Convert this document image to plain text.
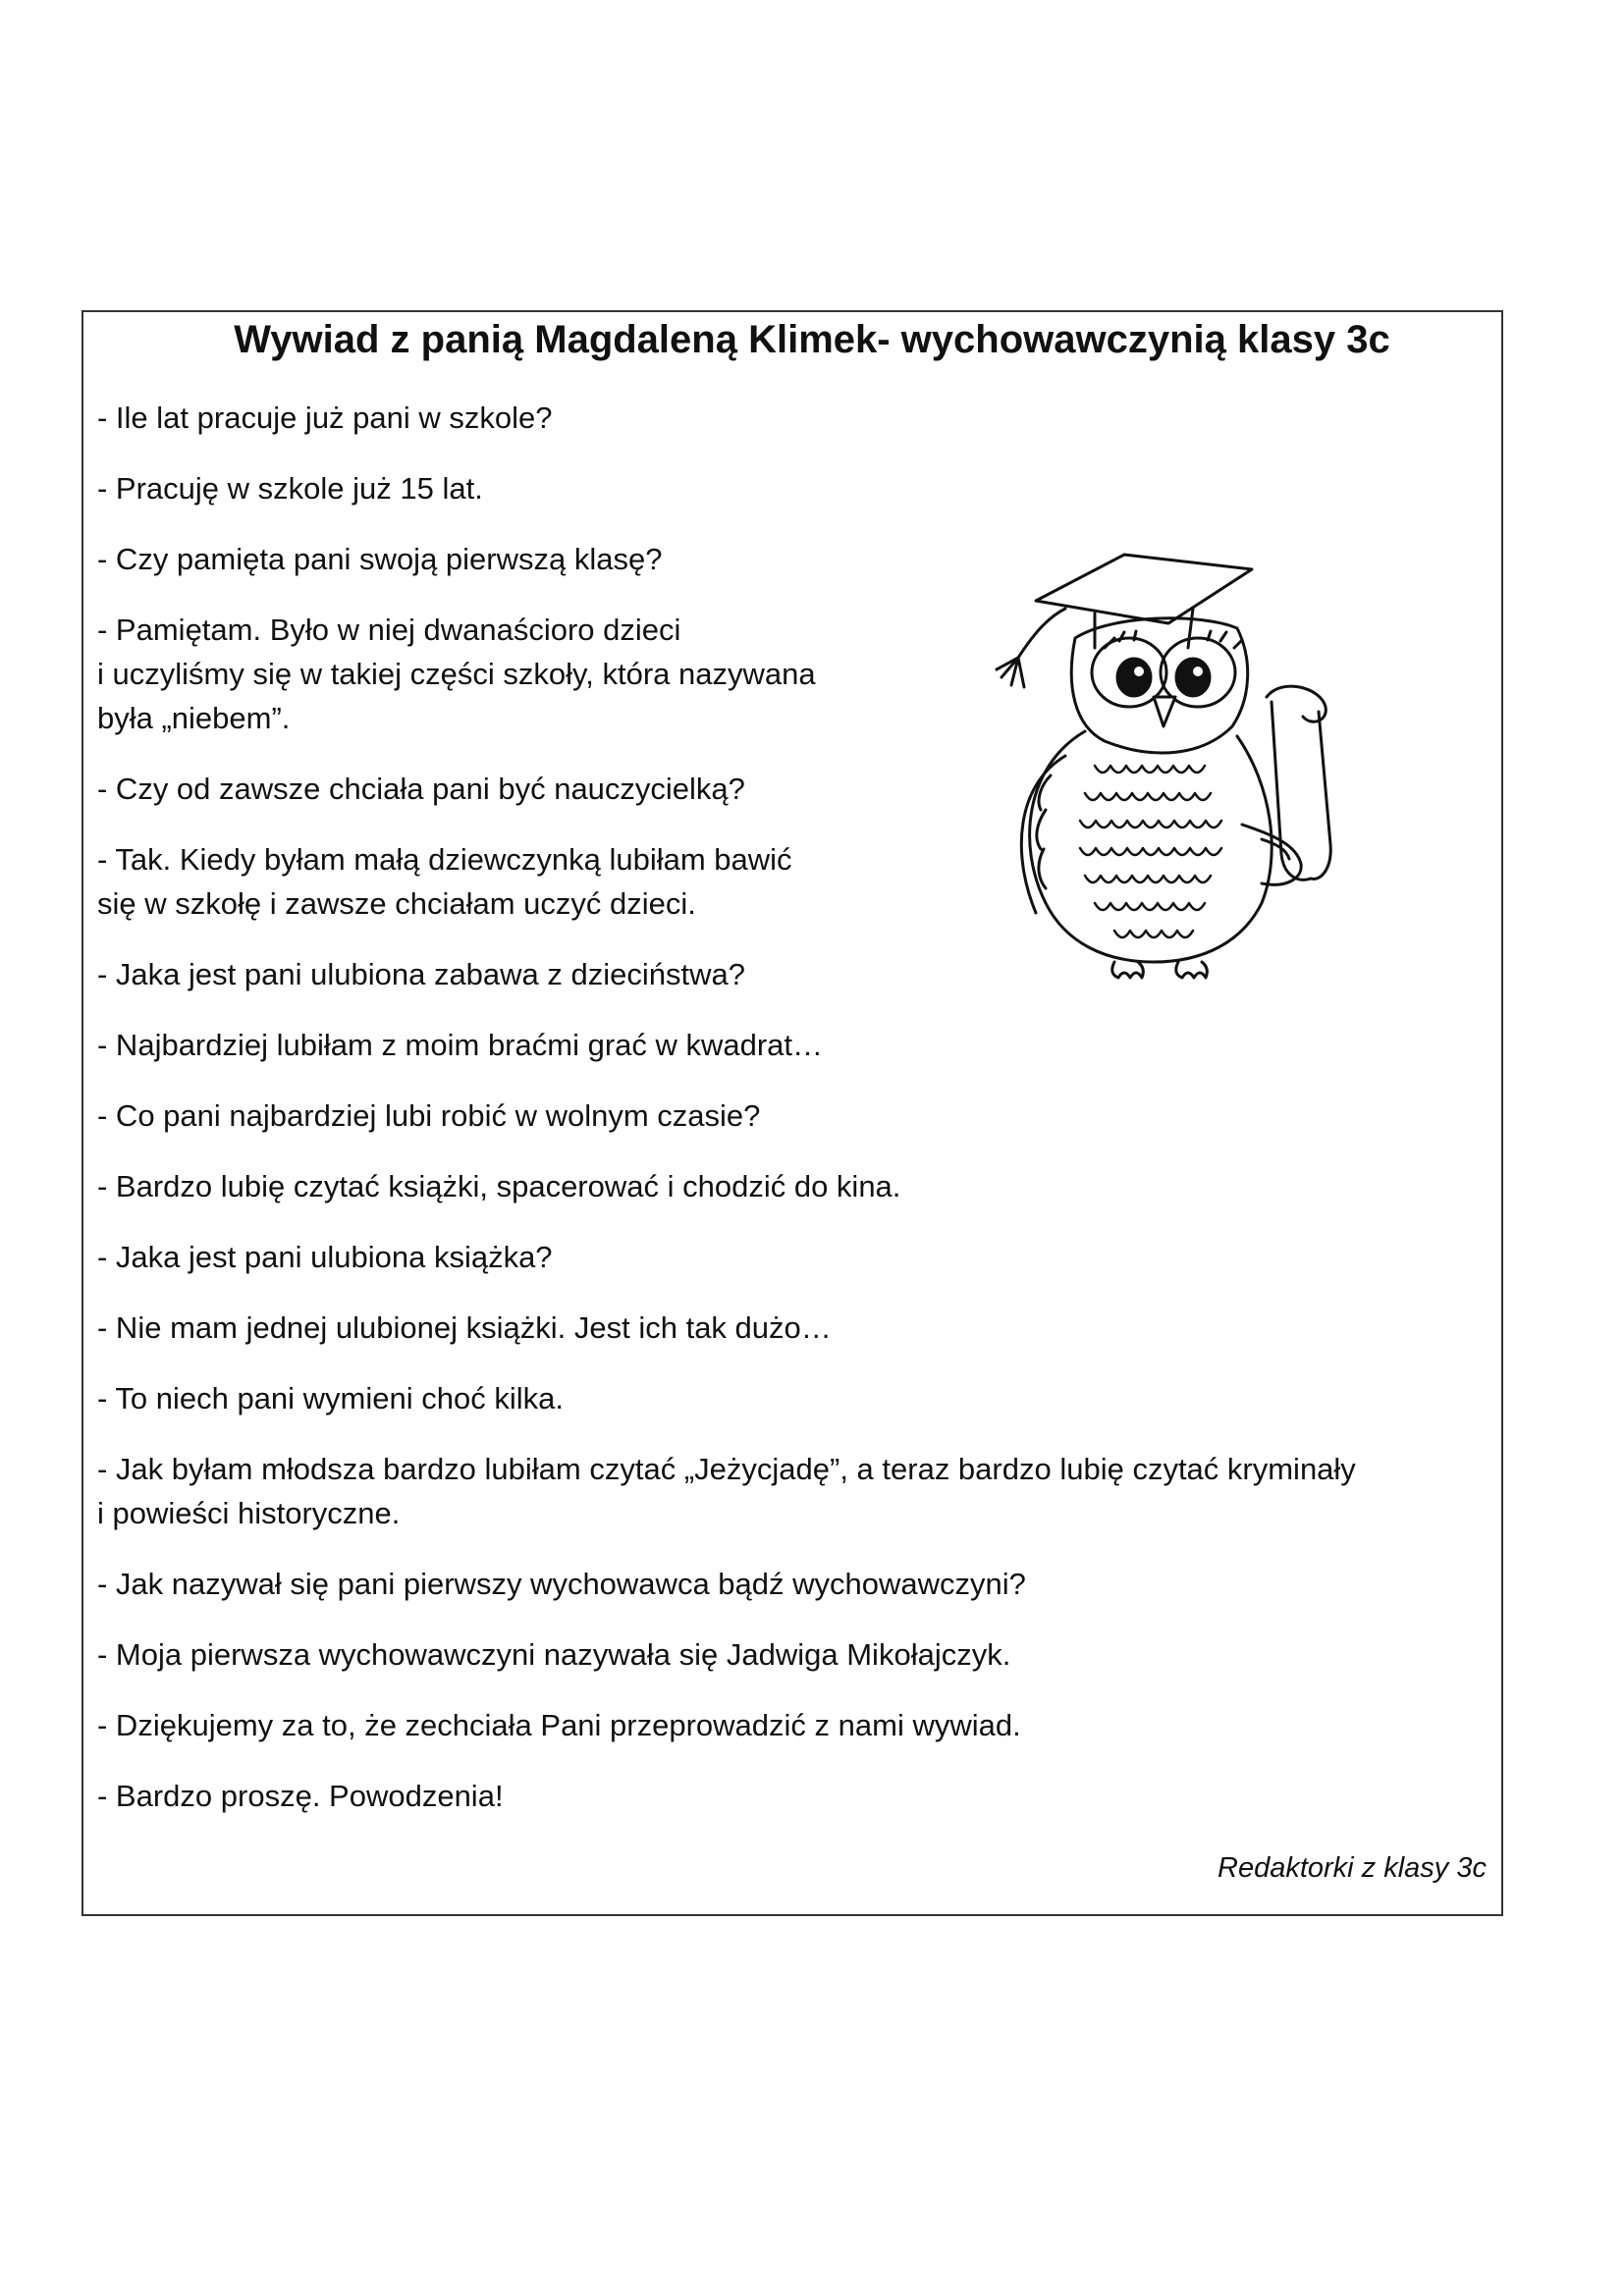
Wywiad z panią Magdaleną Klimek- wychowawczynią klasy 3c
- Ile lat pracuje już pani w szkole?
- Pracuję w szkole już 15 lat.
- Czy pamięta pani swoją pierwszą klasę?
- Pamiętam. Było w niej dwanaścioro dzieci
i uczyliśmy się w takiej części szkoły, która nazywana
była „niebem”.
- Czy od zawsze chciała pani być nauczycielką?
- Tak. Kiedy byłam małą dziewczynką lubiłam bawić
się w szkołę i zawsze chciałam uczyć dzieci.
- Jaka jest pani ulubiona zabawa z dzieciństwa?
- Najbardziej lubiłam z moim braćmi grać w kwadrat…
- Co pani najbardziej lubi robić w wolnym czasie?
- Bardzo lubię czytać książki, spacerować i chodzić do kina.
- Jaka jest pani ulubiona książka?
- Nie mam jednej ulubionej książki. Jest ich tak dużo…
- To niech pani wymieni choć kilka.
- Jak byłam młodsza bardzo lubiłam czytać „Jeżycjadę”, a teraz bardzo lubię czytać kryminały
i powieści historyczne.
- Jak nazywał się pani pierwszy wychowawca bądź wychowawczyni?
- Moja pierwsza wychowawczyni nazywała się Jadwiga Mikołajczyk.
- Dziękujemy za to, że zechciała Pani przeprowadzić z nami wywiad.
- Bardzo proszę. Powodzenia!
Redaktorki z klasy 3c
